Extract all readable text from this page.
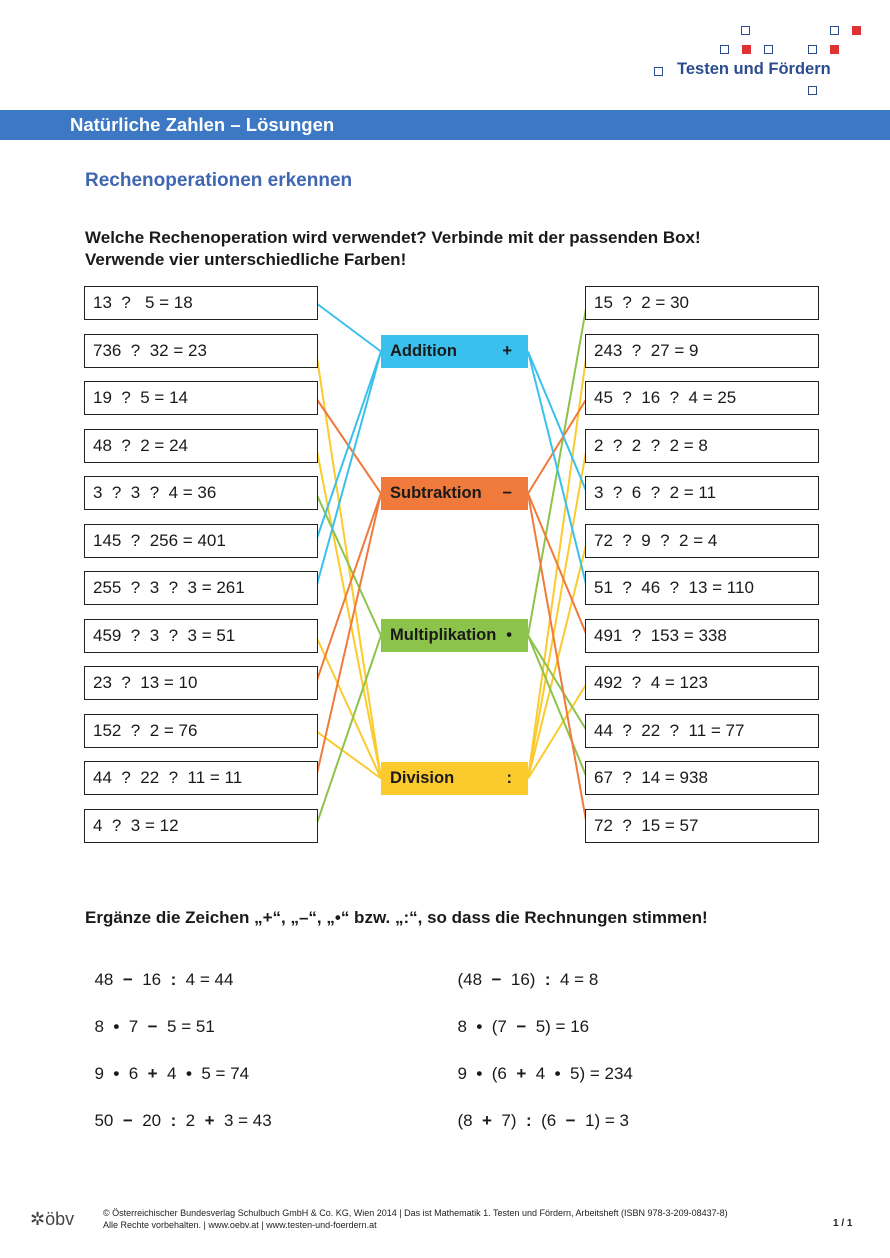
Testen und Fördern
Natürliche Zahlen – Lösungen
Rechenoperationen erkennen
Welche Rechenoperation wird verwendet? Verbinde mit der passenden Box!
Verwende vier unterschiedliche Farben!
13  ?   5 = 18
736  ?  32 = 23
19  ?  5 = 14
48  ?  2 = 24
3  ?  3  ?  4 = 36
145  ?  256 = 401
255  ?  3  ?  3 = 261
459  ?  3  ?  3 = 51
23  ?  13 = 10
152  ?  2 = 76
44  ?  22  ?  11 = 11
4  ?  3 = 12
15  ?  2 = 30
243  ?  27 = 9
45  ?  16  ?  4 = 25
2  ?  2  ?  2 = 8
3  ?  6  ?  2 = 11
72  ?  9  ?  2 = 4
51  ?  46  ?  13 = 110
491  ?  153 = 338
492  ?  4 = 123
44  ?  22  ?  11 = 77
67  ?  14 = 938
72  ?  15 = 57
Addition	+
Subtraktion −
Multiplikation •
Division	:
Ergänze die Zeichen „+“, „–“, „•“ bzw. „:“, so dass die Rechnungen stimmen!

48  −  16  :  4 = 44

8  •  7  −  5 = 51

9  •  6  +  4  •  5 = 74

50  −  20  :  2  +  3 = 43

(48  −  16)  :  4 = 8

8  •  (7  −  5) = 16

9  •  (6  +  4  •  5) = 234

(8  +  7)  :  (6  −  1) = 3

✲öbv	© Österreichischer Bundesverlag Schulbuch GmbH & Co. KG, Wien 2014 | Das ist Mathematik 1. Testen und Fördern, Arbeitsheft (ISBN 978-3-209-08437-8)
Alle Rechte vorbehalten. | www.oebv.at | www.testen-und-foerdern.at	1 / 1
